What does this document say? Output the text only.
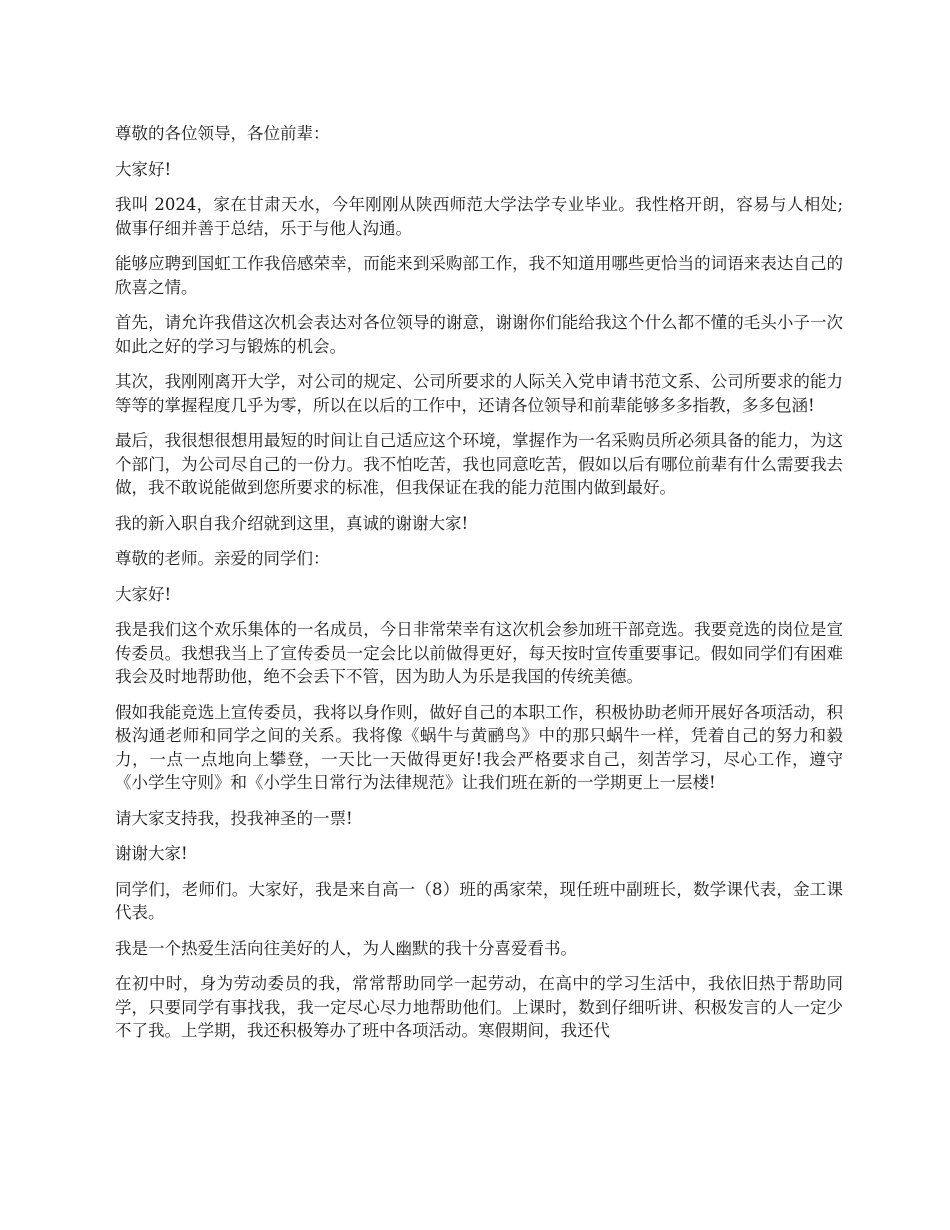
尊敬的各位领导，各位前辈：

大家好!

我叫 2024，家在甘肃天水，今年刚刚从陕西师范大学法学专业毕业。我性格开朗，容易与人相处;做事仔细并善于总结，乐于与他人沟通。

能够应聘到国虹工作我倍感荣幸，而能来到采购部工作，我不知道用哪些更恰当的词语来表达自己的欣喜之情。

首先，请允许我借这次机会表达对各位领导的谢意，谢谢你们能给我这个什么都不懂的毛头小子一次如此之好的学习与锻炼的机会。

其次，我刚刚离开大学，对公司的规定、公司所要求的人际关入党申请书范文系、公司所要求的能力等等的掌握程度几乎为零，所以在以后的工作中，还请各位领导和前辈能够多多指教，多多包涵!

最后，我很想很想用最短的时间让自己适应这个环境，掌握作为一名采购员所必须具备的能力，为这个部门，为公司尽自己的一份力。我不怕吃苦，我也同意吃苦，假如以后有哪位前辈有什么需要我去做，我不敢说能做到您所要求的标准，但我保证在我的能力范围内做到最好。

我的新入职自我介绍就到这里，真诚的谢谢大家!

尊敬的老师。亲爱的同学们：

大家好!

我是我们这个欢乐集体的一名成员，今日非常荣幸有这次机会参加班干部竞选。我要竞选的岗位是宣传委员。我想我当上了宣传委员一定会比以前做得更好，每天按时宣传重要事记。假如同学们有困难我会及时地帮助他，绝不会丢下不管，因为助人为乐是我国的传统美德。

假如我能竞选上宣传委员，我将以身作则，做好自己的本职工作，积极协助老师开展好各项活动，积极沟通老师和同学之间的关系。我将像《蜗牛与黄鹂鸟》中的那只蜗牛一样，凭着自己的努力和毅力，一点一点地向上攀登，一天比一天做得更好!我会严格要求自己，刻苦学习，尽心工作，遵守《小学生守则》和《小学生日常行为法律规范》让我们班在新的一学期更上一层楼!

请大家支持我，投我神圣的一票!

谢谢大家!

同学们，老师们。大家好，我是来自高一（8）班的禹家荣，现任班中副班长，数学课代表，金工课代表。

我是一个热爱生活向往美好的人，为人幽默的我十分喜爱看书。

在初中时，身为劳动委员的我，常常帮助同学一起劳动，在高中的学习生活中，我依旧热于帮助同学，只要同学有事找我，我一定尽心尽力地帮助他们。上课时，数到仔细听讲、积极发言的人一定少不了我。上学期，我还积极筹办了班中各项活动。寒假期间，我还代
